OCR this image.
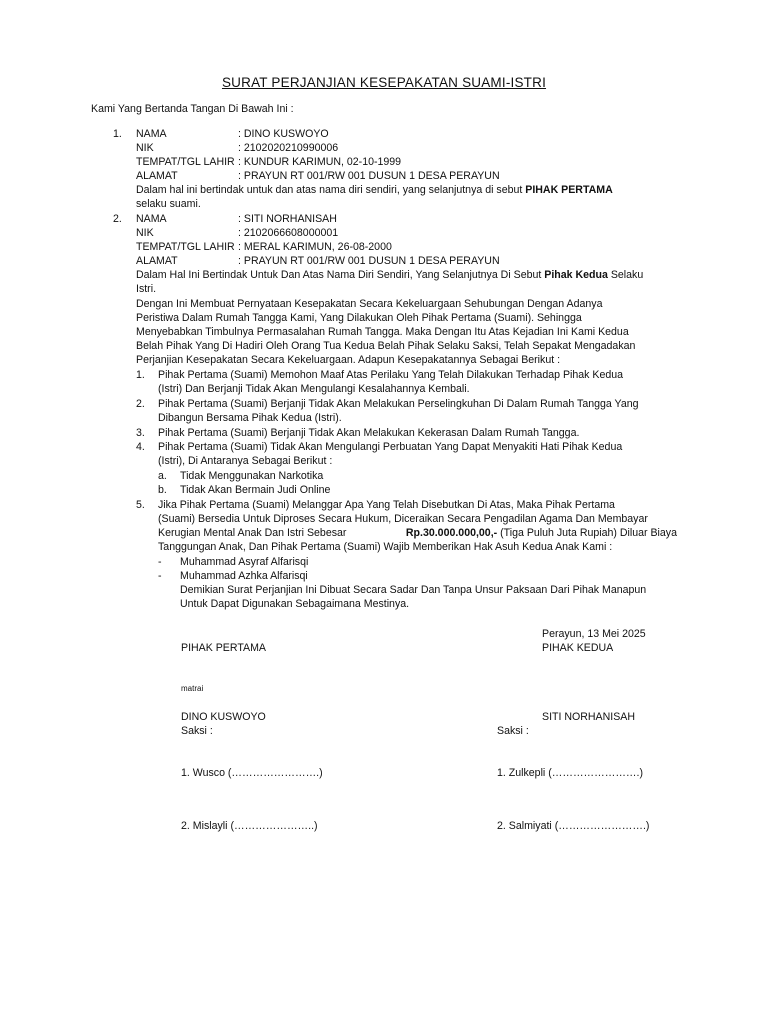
SURAT PERJANJIAN KESEPAKATAN SUAMI-ISTRI
Kami Yang Bertanda Tangan Di Bawah Ini :
1. NAMA	: DINO KUSWOYO
NIK	: 2102020210990006
TEMPAT/TGL LAHIR : KUNDUR KARIMUN, 02-10-1999
ALAMAT	: PRAYUN RT 001/RW 001 DUSUN 1 DESA PERAYUN
Dalam hal ini bertindak untuk dan atas nama diri sendiri, yang selanjutnya di sebut PIHAK PERTAMA
selaku suami.
2. NAMA	: SITI NORHANISAH
NIK	: 2102066608000001
TEMPAT/TGL LAHIR : MERAL KARIMUN, 26-08-2000
ALAMAT	: PRAYUN RT 001/RW 001 DUSUN 1 DESA PERAYUN
Dalam Hal Ini Bertindak Untuk Dan Atas Nama Diri Sendiri, Yang Selanjutnya Di Sebut Pihak Kedua Selaku
Istri.
Dengan Ini Membuat Pernyataan Kesepakatan Secara Kekeluargaan Sehubungan Dengan Adanya
Peristiwa Dalam Rumah Tangga Kami, Yang Dilakukan Oleh Pihak Pertama (Suami). Sehingga
Menyebabkan Timbulnya Permasalahan Rumah Tangga. Maka Dengan Itu Atas Kejadian Ini Kami Kedua
Belah Pihak Yang Di Hadiri Oleh Orang Tua Kedua Belah Pihak Selaku Saksi, Telah Sepakat Mengadakan
Perjanjian Kesepakatan Secara Kekeluargaan. Adapun Kesepakatannya Sebagai Berikut :
1. Pihak Pertama (Suami) Memohon Maaf Atas Perilaku Yang Telah Dilakukan Terhadap Pihak Kedua
(Istri) Dan Berjanji Tidak Akan Mengulangi Kesalahannya Kembali.
2. Pihak Pertama (Suami) Berjanji Tidak Akan Melakukan Perselingkuhan Di Dalam Rumah Tangga Yang
Dibangun Bersama Pihak Kedua (Istri).
3. Pihak Pertama (Suami) Berjanji Tidak Akan Melakukan Kekerasan Dalam Rumah Tangga.
4. Pihak Pertama (Suami) Tidak Akan Mengulangi Perbuatan Yang Dapat Menyakiti Hati Pihak Kedua
(Istri), Di Antaranya Sebagai Berikut :
a. Tidak Menggunakan Narkotika
b. Tidak Akan Bermain Judi Online
5. Jika Pihak Pertama (Suami) Melanggar Apa Yang Telah Disebutkan Di Atas, Maka Pihak Pertama
(Suami) Bersedia Untuk Diproses Secara Hukum, Diceraikan Secara Pengadilan Agama Dan Membayar
Kerugian Mental Anak Dan Istri Sebesar	Rp.30.000.000,00,- (Tiga Puluh Juta Rupiah) Diluar Biaya
Tanggungan Anak, Dan Pihak Pertama (Suami) Wajib Memberikan Hak Asuh Kedua Anak Kami :
- Muhammad Asyraf Alfarisqi
- Muhammad Azhka Alfarisqi
Demikian Surat Perjanjian Ini Dibuat Secara Sadar Dan Tanpa Unsur Paksaan Dari Pihak Manapun
Untuk Dapat Digunakan Sebagaimana Mestinya.
Perayun, 13 Mei 2025
PIHAK PERTAMA	PIHAK KEDUA
matrai
DINO KUSWOYO	SITI NORHANISAH
Saksi :	Saksi :
1. Wusco (…………………….)	1. Zulkepli (…………………….)
2. Mislayli (…………………..)	2. Salmiyati (…………………….)
